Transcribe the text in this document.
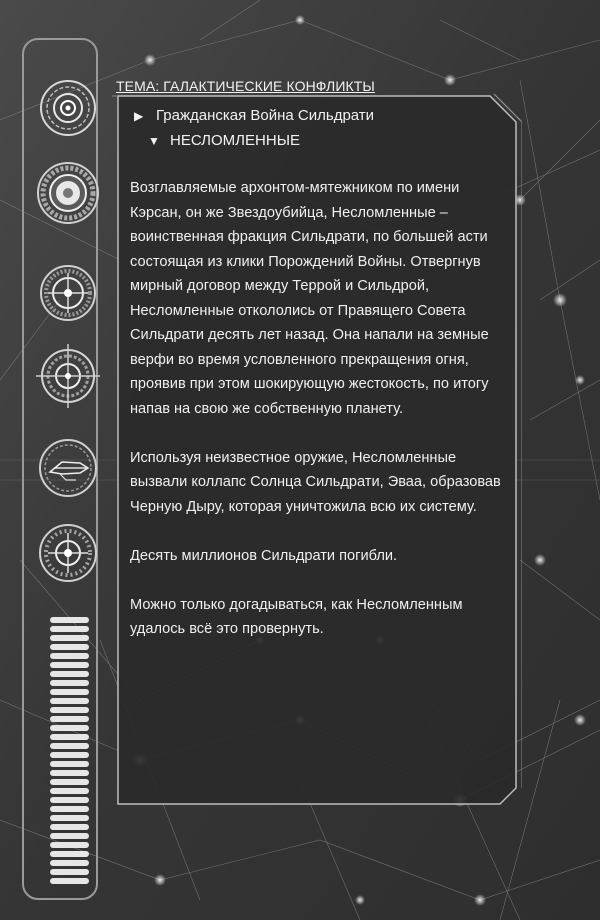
ТЕМА: ГАЛАКТИЧЕСКИЕ КОНФЛИКТЫ
▶ Гражданская Война Сильдрати
▼ НЕСЛОМЛЕННЫЕ

Возглавляемые архонтом-мятежником по имени Кэрсан, он же Звездоубийца, Несломленные – воинственная фракция Сильдрати, по большей асти состоящая из клики Порождений Войны. Отвергнув мирный договор между Террой и Сильдрой, Несломленные откололись от Правящего Совета Сильдрати десять лет назад. Она напали на земные верфи во время условленного прекращения огня, проявив при этом шокирующую жестокость, по итогу напав на свою же собственную планету.

Используя неизвестное оружие, Несломленные вызвали коллапс Солнца Сильдрати, Эваа, образовав Черную Дыру, которая уничтожила всю их систему.

Десять миллионов Сильдрати погибли.

Можно только догадываться, как Несломленным удалось всё это провернуть.
